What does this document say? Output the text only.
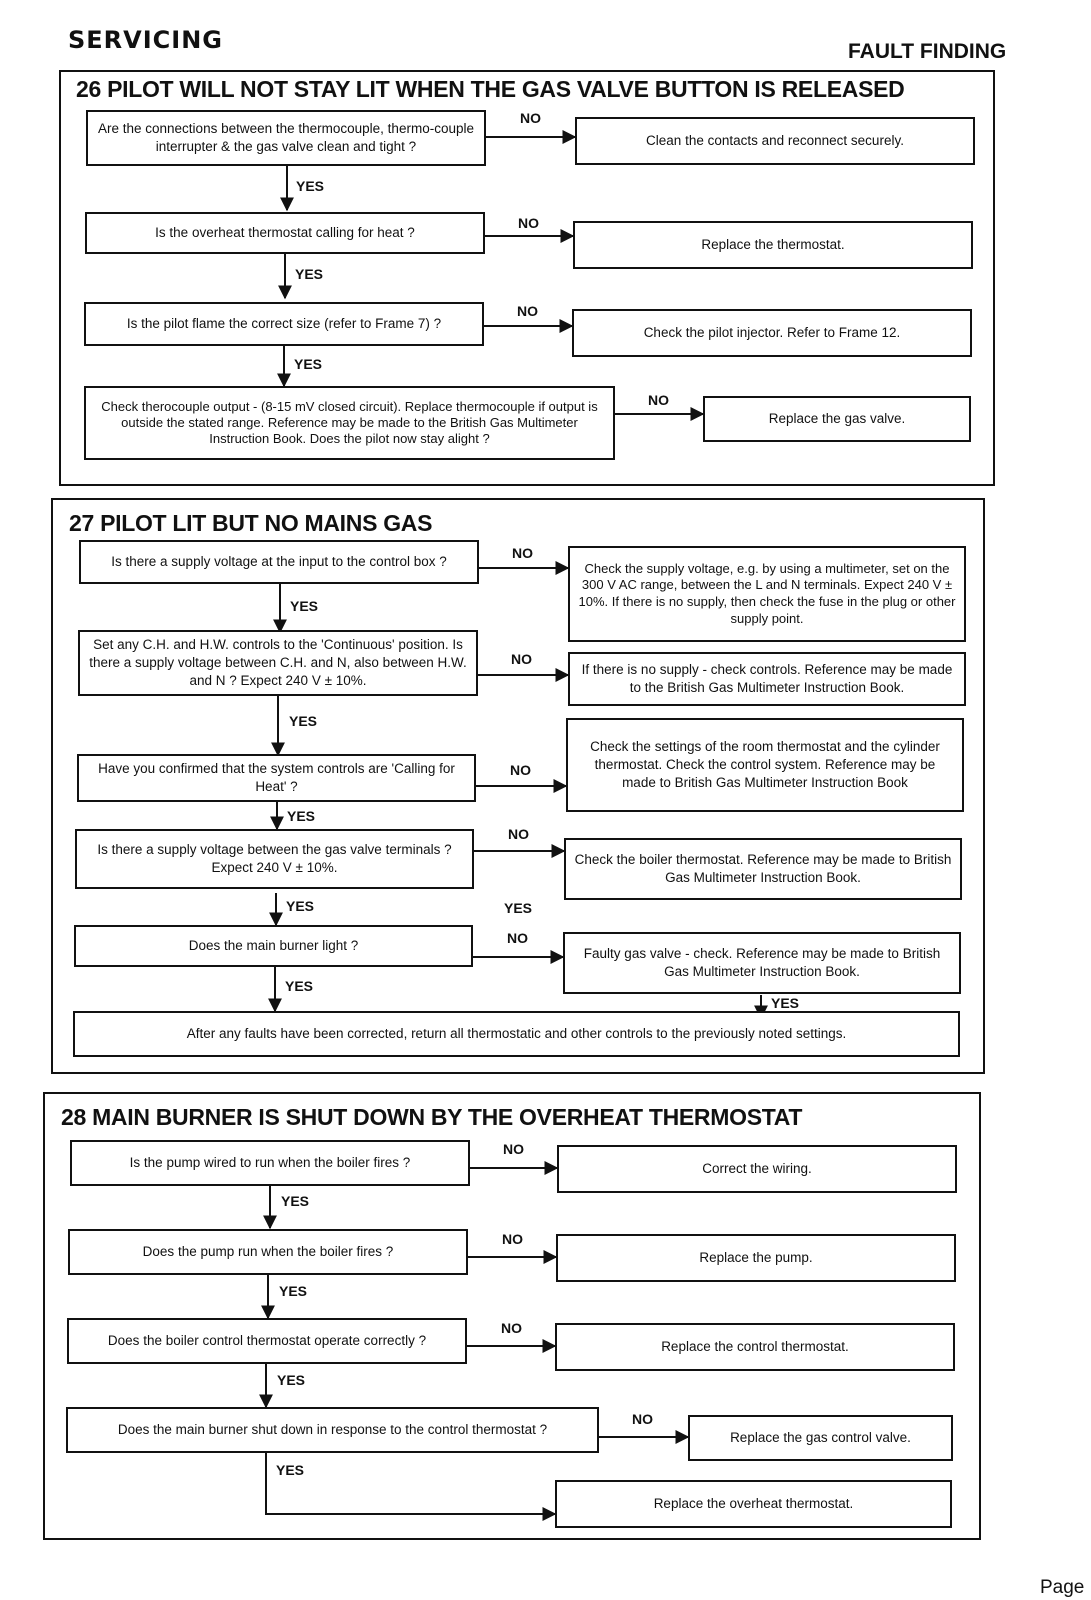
SERVICING	FAULT FINDING
26 PILOT WILL NOT STAY LIT WHEN THE GAS VALVE BUTTON IS RELEASED
Are the connections between the thermocouple, thermo-couple interrupter & the gas valve clean and tight ?	Clean the contacts and reconnect securely.
Is the overheat thermostat calling for heat ?
Replace the thermostat.
Is the pilot flame the correct size (refer to Frame 7) ?
Check the pilot injector. Refer to Frame 12.
Check therocouple output - (8-15 mV closed circuit). Replace thermocouple if output is outside the stated range. Reference may be made to the British Gas Multimeter Instruction Book. Does the pilot now stay alight ?
Replace the gas valve.
NO
NO
NO
NO
YES
YES
YES
27 PILOT LIT BUT NO MAINS GAS
Is there a supply voltage at the input to the control box ?	Check the supply voltage, e.g. by using a multimeter, set on the 300 V AC range, between the L and N terminals. Expect 240 V ± 10%. If there is no supply, then check the fuse in the plug or other supply point.
Set any C.H. and H.W. controls to the 'Continuous' position. Is there a supply voltage between C.H. and N, also between H.W. and N ? Expect 240 V ± 10%.
If there is no supply - check controls. Reference may be made to the British Gas Multimeter Instruction Book.
Have you confirmed that the system controls are 'Calling for Heat' ?
Check the settings of the room thermostat and the cylinder thermostat. Check the control system. Reference may be made to British Gas Multimeter Instruction Book
Is there a supply voltage between the gas valve terminals ? Expect 240 V ± 10%.
Check the boiler thermostat. Reference may be made to British Gas Multimeter Instruction Book.
Does the main burner light ?
Faulty gas valve - check. Reference may be made to British Gas Multimeter Instruction Book.
After any faults have been corrected, return all thermostatic and other controls to the previously noted settings.
NO
NO
NO
NO
NO
YES
YES
YES
YES	YES
YES
YES
28 MAIN BURNER IS SHUT DOWN BY THE OVERHEAT THERMOSTAT
Is the pump wired to run when the boiler fires ?	Correct the wiring.
Does the pump run when the boiler fires ?	Replace the pump.
Does the boiler control thermostat operate correctly ?	Replace the control thermostat.
Does the main burner shut down in response to the control thermostat ?
Replace the gas control valve.
Replace the overheat thermostat.
NO
NO
NO
NO
YES
YES
YES
YES
Page
